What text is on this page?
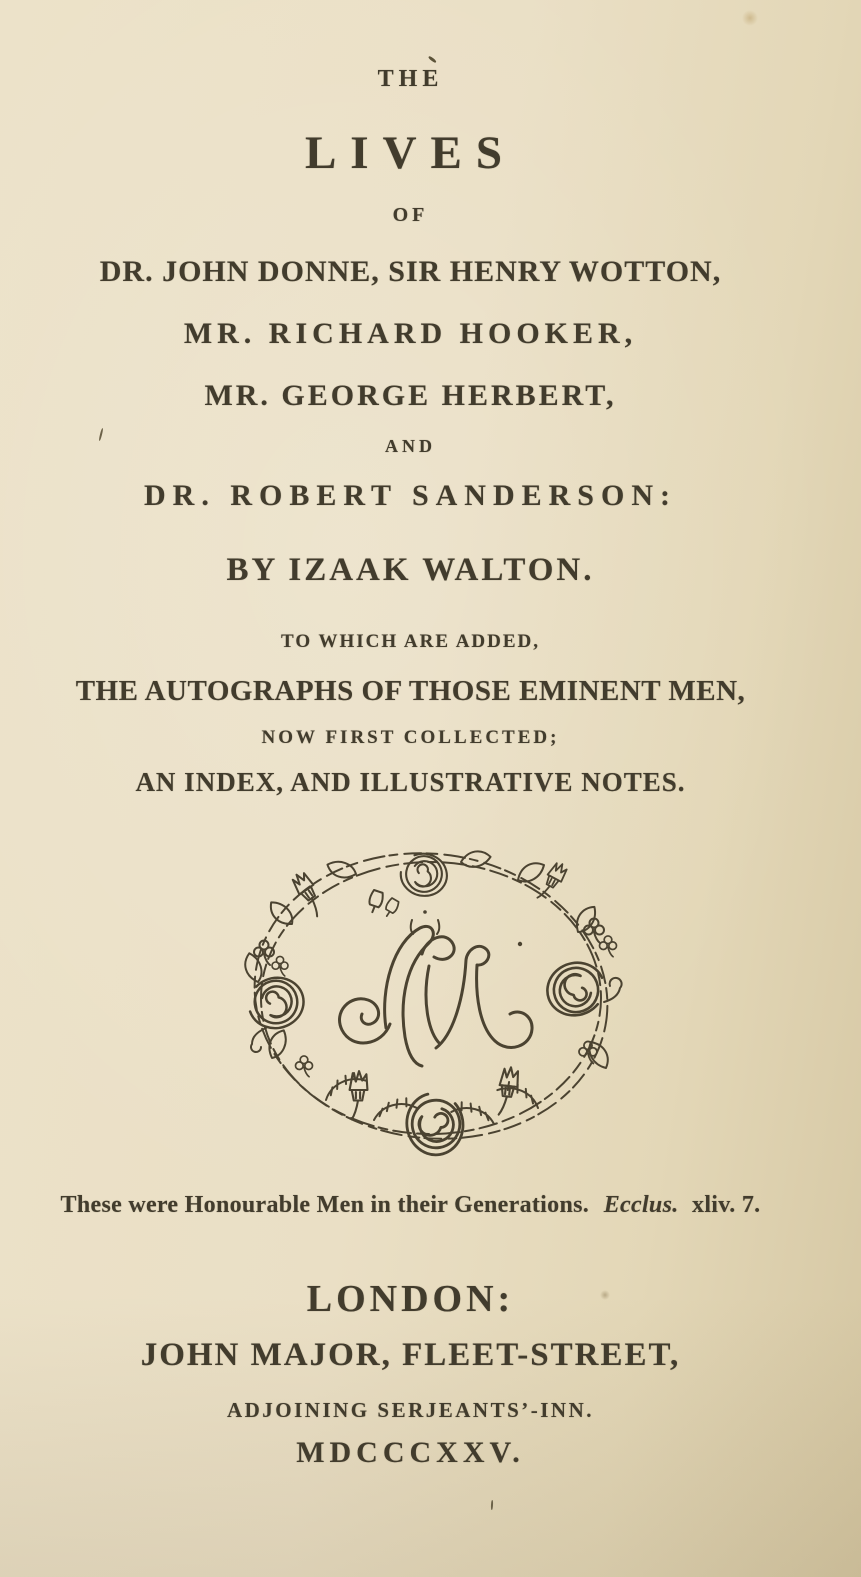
THE
LIVES
OF
DR. JOHN DONNE, SIR HENRY WOTTON,
MR. RICHARD HOOKER,
MR. GEORGE HERBERT,
AND
DR. ROBERT SANDERSON:
BY IZAAK WALTON.
TO WHICH ARE ADDED,
THE AUTOGRAPHS OF THOSE EMINENT MEN,
NOW FIRST COLLECTED;
AN INDEX, AND ILLUSTRATIVE NOTES.
These were Honourable Men in their Generations. Ecclus. xliv. 7.
LONDON:
JOHN MAJOR, FLEET-STREET,
ADJOINING SERJEANTS’-INN.
MDCCCXXV.
